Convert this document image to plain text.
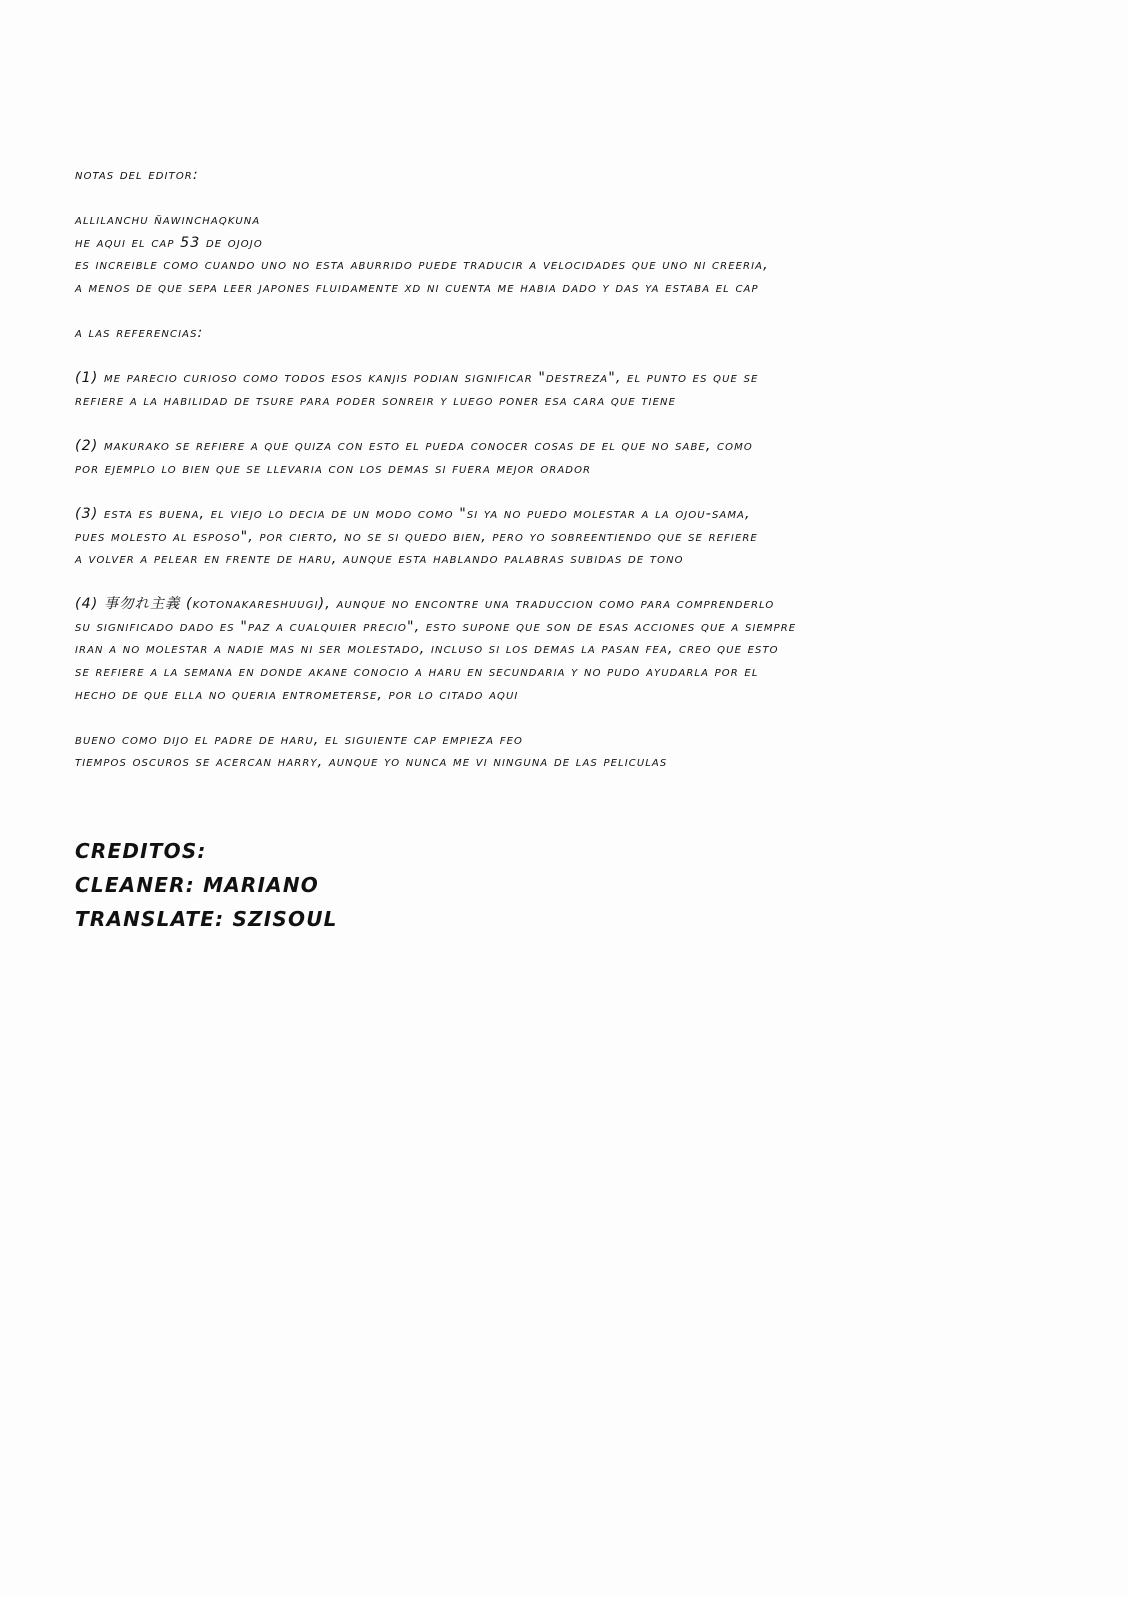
notas del editor:
allilanchu ñawinchaqkuna
he aqui el cap 53 de ojojo
es increible como cuando uno no esta aburrido puede traducir a velocidades que uno ni creeria,
a menos de que sepa leer japones fluidamente xd ni cuenta me habia dado y das ya estaba el cap
a las referencias:
(1) me parecio curioso como todos esos kanjis podian significar "destreza", el punto es que se
refiere a la habilidad de tsure para poder sonreir y luego poner esa cara que tiene
(2) makurako se refiere a que quiza con esto el pueda conocer cosas de el que no sabe, como
por ejemplo lo bien que se llevaria con los demas si fuera mejor orador
(3) esta es buena, el viejo lo decia de un modo como "si ya no puedo molestar a la ojou-sama,
pues molesto al esposo", por cierto, no se si quedo bien, pero yo sobreentiendo que se refiere
a volver a pelear en frente de haru, aunque esta hablando palabras subidas de tono
(4) 事勿れ主義 (kotonakareshuugi), aunque no encontre una traduccion como para comprenderlo
su significado dado es "paz a cualquier precio", esto supone que son de esas acciones que a siempre
iran a no molestar a nadie mas ni ser molestado, incluso si los demas la pasan fea, creo que esto
se refiere a la semana en donde akane conocio a haru en secundaria y no pudo ayudarla por el
hecho de que ella no queria entrometerse, por lo citado aqui
bueno como dijo el padre de haru, el siguiente cap empieza feo
tiempos oscuros se acercan harry, aunque yo nunca me vi ninguna de las peliculas
CREDITOS:
CLEANER: MARIANO
TRANSLATE: SZISOUL
